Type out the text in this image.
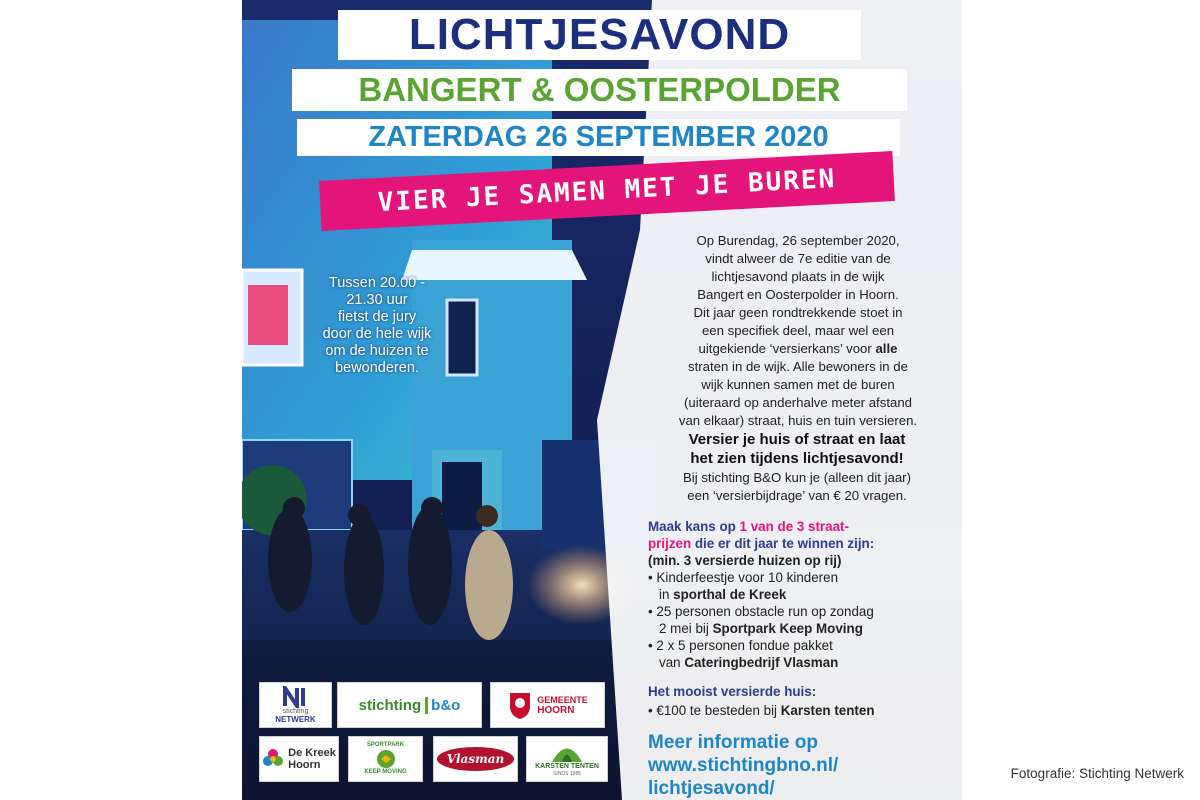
LICHTJESAVOND
BANGERT & OOSTERPOLDER
ZATERDAG 26 SEPTEMBER 2020
VIER JE SAMEN MET JE BUREN
Tussen 20.00 -
21.30 uur
fietst de jury
door de hele wijk
om de huizen te
bewonderen.
Op Burendag, 26 september 2020,
vindt alweer de 7e editie van de
lichtjesavond plaats in de wijk
Bangert en Oosterpolder in Hoorn.
Dit jaar geen rondtrekkende stoet in
een specifiek deel, maar wel een
uitgekiende ‘versierkans’ voor alle
straten in de wijk. Alle bewoners in de
wijk kunnen samen met de buren
(uiteraard op anderhalve meter afstand
van elkaar) straat, huis en tuin versieren.
Versier je huis of straat en laat
het zien tijdens lichtjesavond!
Bij stichting B&O kun je (alleen dit jaar)
een ‘versierbijdrage’ van € 20 vragen.
Maak kans op 1 van de 3 straat-
prijzen die er dit jaar te winnen zijn:
(min. 3 versierde huizen op rij)
• Kinderfeestje voor 10 kinderen
in sporthal de Kreek
• 25 personen obstacle run op zondag
2 mei bij Sportpark Keep Moving
• 2 x 5 personen fondue pakket
van Cateringbedrijf Vlasman
Het mooist versierde huis:
• €100 te besteden bij Karsten tenten
Meer informatie op
www.stichtingbno.nl/
lichtjesavond/
stichting
NETWERK
stichting b&o	GEMEENTE
HOORN
De Kreek
Hoorn
SPORTPARK
KEEP MOVING
Vlasman
KARSTEN TENTEN
SINDS 1985	Fotografie: Stichting Netwerk
